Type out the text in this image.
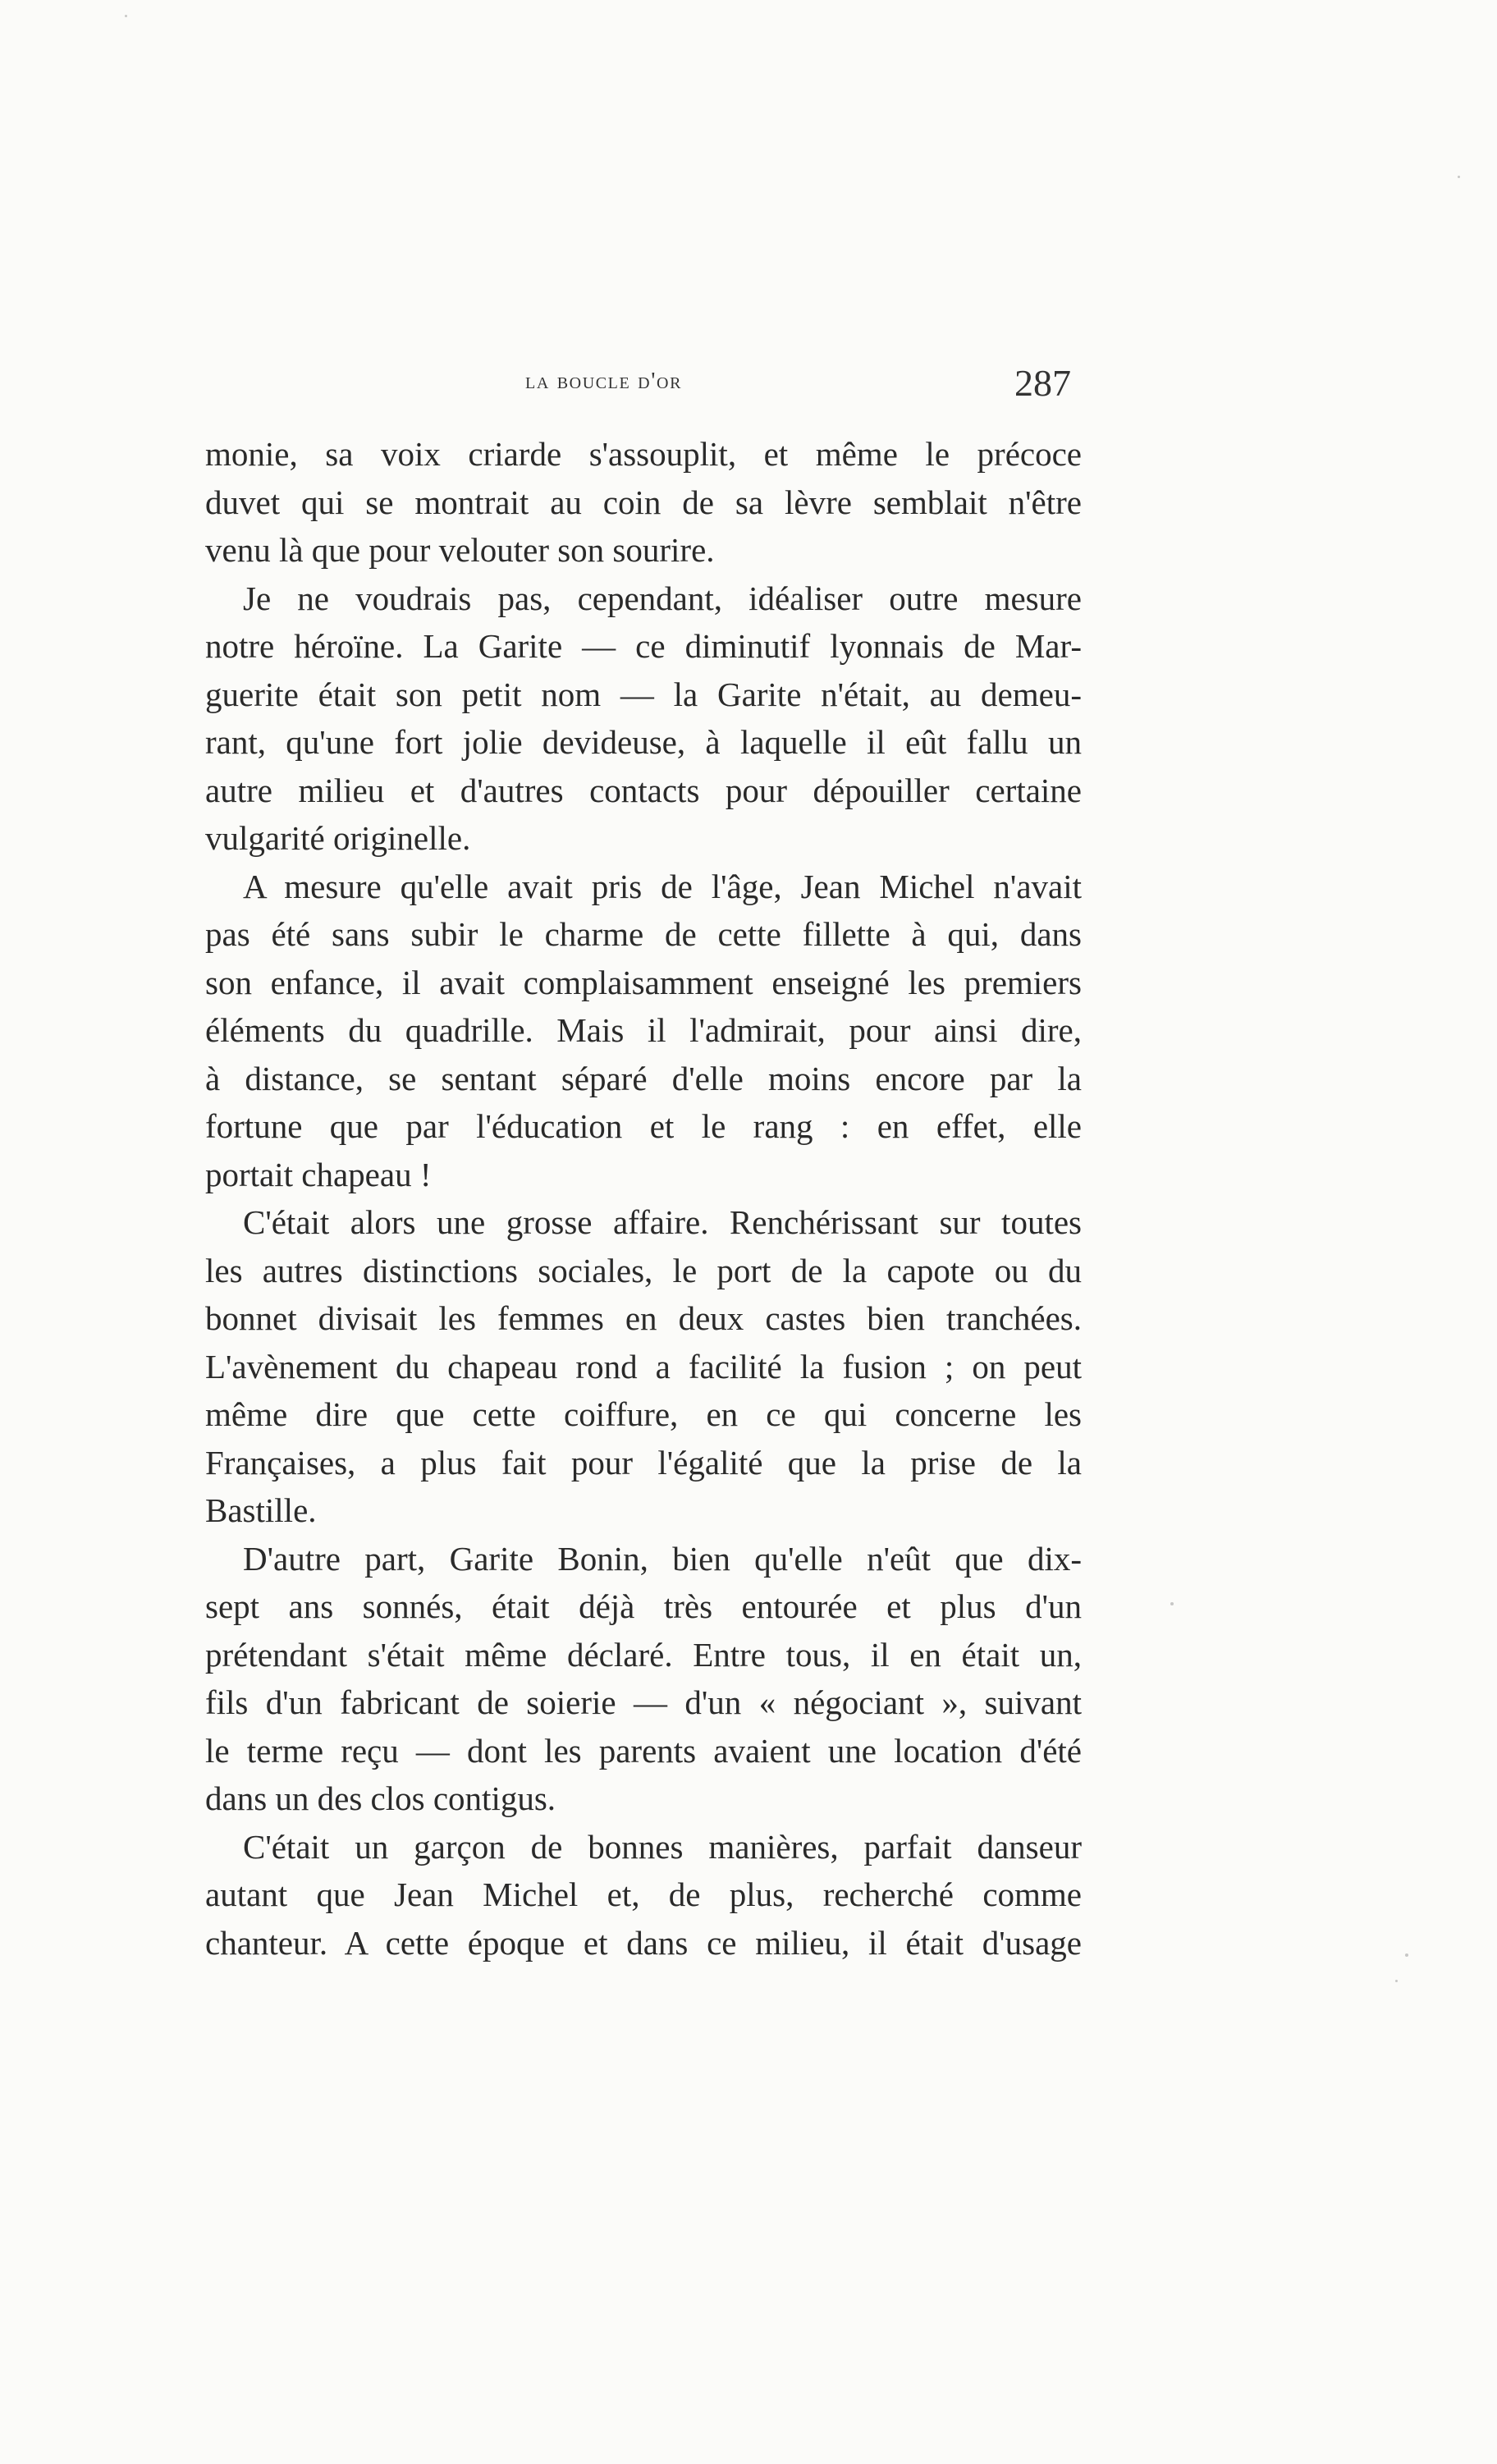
la boucle d'or	287
monie, sa voix criarde s'assouplit, et même le précoce
duvet qui se montrait au coin de sa lèvre semblait n'être
venu là que pour velouter son sourire.
Je ne voudrais pas, cependant, idéaliser outre mesure
notre héroïne. La Garite — ce diminutif lyonnais de Mar-
guerite était son petit nom — la Garite n'était, au demeu-
rant, qu'une fort jolie devideuse, à laquelle il eût fallu un
autre milieu et d'autres contacts pour dépouiller certaine
vulgarité originelle.
A mesure qu'elle avait pris de l'âge, Jean Michel n'avait
pas été sans subir le charme de cette fillette à qui, dans
son enfance, il avait complaisamment enseigné les premiers
éléments du quadrille. Mais il l'admirait, pour ainsi dire,
à distance, se sentant séparé d'elle moins encore par la
fortune que par l'éducation et le rang : en effet, elle
portait chapeau !
C'était alors une grosse affaire. Renchérissant sur toutes
les autres distinctions sociales, le port de la capote ou du
bonnet divisait les femmes en deux castes bien tranchées.
L'avènement du chapeau rond a facilité la fusion ; on peut
même dire que cette coiffure, en ce qui concerne les
Françaises, a plus fait pour l'égalité que la prise de la
Bastille.
D'autre part, Garite Bonin, bien qu'elle n'eût que dix-
sept ans sonnés, était déjà très entourée et plus d'un
prétendant s'était même déclaré. Entre tous, il en était un,
fils d'un fabricant de soierie — d'un « négociant », suivant
le terme reçu — dont les parents avaient une location d'été
dans un des clos contigus.
C'était un garçon de bonnes manières, parfait danseur
autant que Jean Michel et, de plus, recherché comme
chanteur. A cette époque et dans ce milieu, il était d'usage
